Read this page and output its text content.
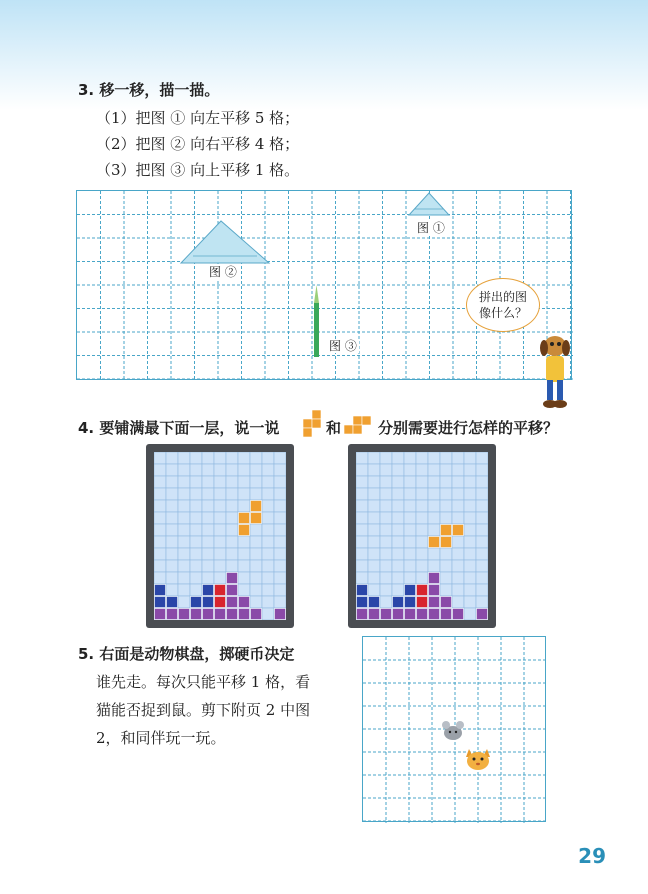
3. 移一移，描一描。
（1）把图 ① 向左平移 5 格；
（2）把图 ② 向右平移 4 格；
（3）把图 ③ 向上平移 1 格。
图 ①
图 ②
图 ③
拼出的图
像什么？
4. 要铺满最下面一层，说一说	和 分别需要进行怎样的平移？
5. 右面是动物棋盘，掷硬币决定
谁先走。每次只能平移 1 格，看
猫能否捉到鼠。剪下附页 2 中图
2，和同伴玩一玩。
29
